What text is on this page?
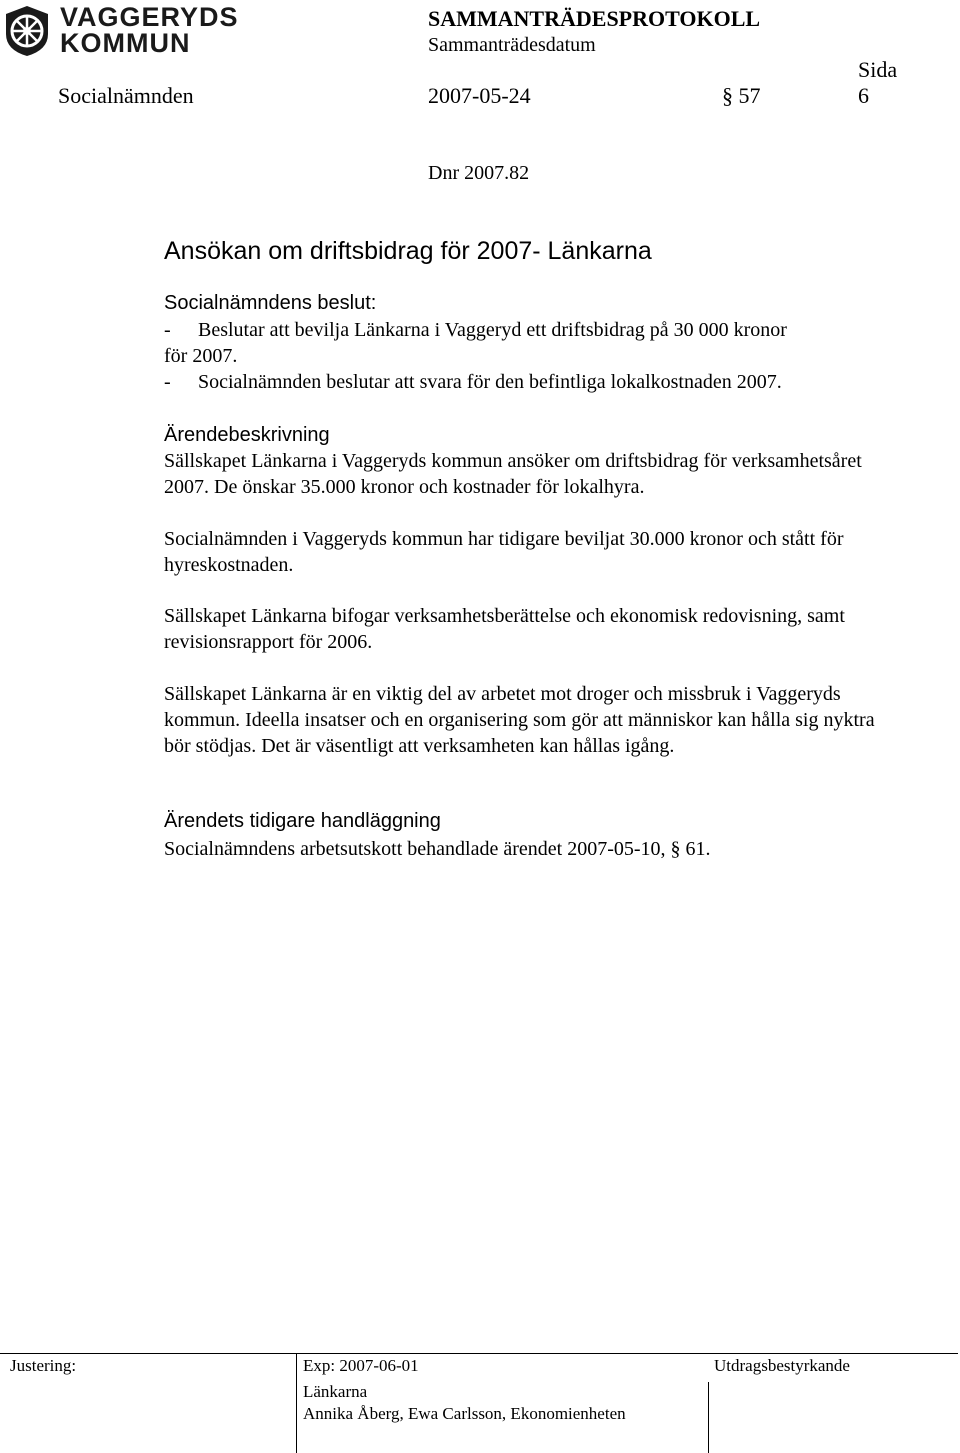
VAGGERYDS
KOMMUN
SAMMANTRÄDESPROTOKOLL
Sammanträdesdatum
Sida
Socialnämnden	2007-05-24	§ 57	6
Dnr 2007.82
Ansökan om driftsbidrag för 2007- Länkarna
Socialnämndens beslut:
- Beslutar att bevilja Länkarna i Vaggeryd ett driftsbidrag på 30 000 kronor
för 2007.
- Socialnämnden beslutar att svara för den befintliga lokalkostnaden 2007.
Ärendebeskrivning
Sällskapet Länkarna i Vaggeryds kommun ansöker om driftsbidrag för verksamhetsåret 2007. De önskar 35.000 kronor och kostnader för lokalhyra.
Socialnämnden i Vaggeryds kommun har tidigare beviljat 30.000 kronor och stått för hyreskostnaden.
Sällskapet Länkarna bifogar verksamhetsberättelse och ekonomisk redovisning, samt revisionsrapport för 2006.
Sällskapet Länkarna är en viktig del av arbetet mot droger och missbruk i Vaggeryds kommun. Ideella insatser och en organisering som gör att människor kan hålla sig nyktra bör stödjas. Det är väsentligt att verksamheten kan hållas igång.
Ärendets tidigare handläggning
Socialnämndens arbetsutskott behandlade ärendet 2007-05-10, § 61.
Justering:	Exp: 2007-06-01	Utdragsbestyrkande
Länkarna
Annika Åberg, Ewa Carlsson, Ekonomienheten
